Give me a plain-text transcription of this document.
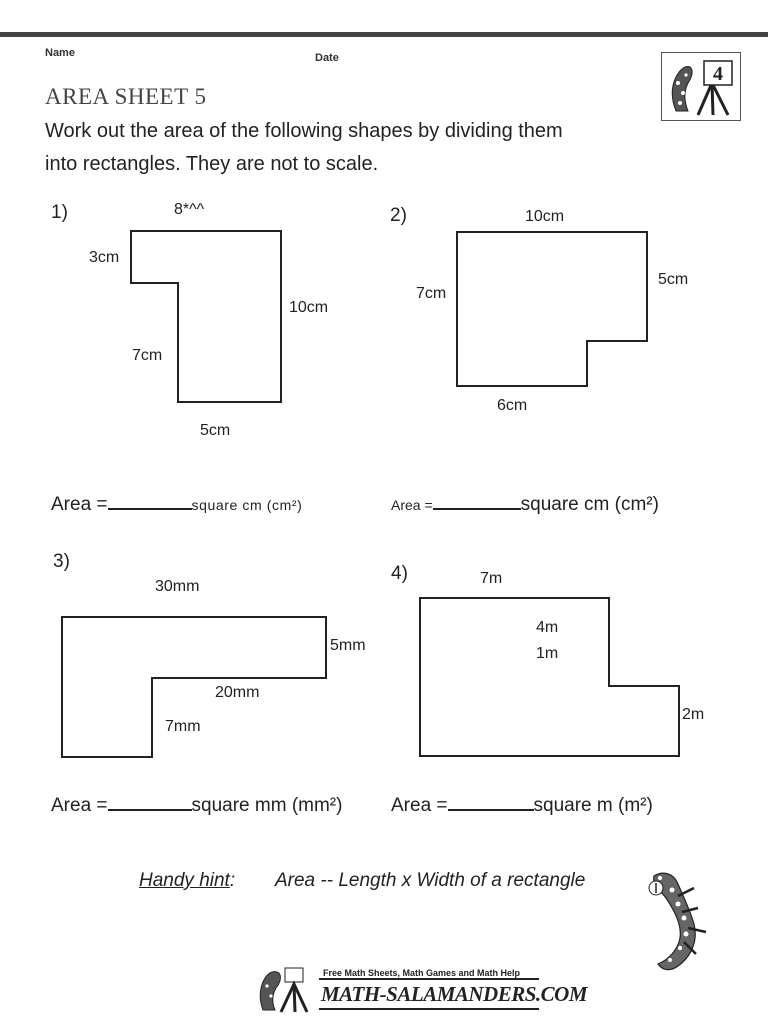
Name	Date
4
AREA SHEET 5
Work out the area of the following shapes by dividing them
into rectangles. They are not to scale.
1)	8*^^
3cm
10cm
7cm
5cm
2)	10cm
7cm
5cm
6cm
Area =	square cm (cm²)	Area =	square cm (cm²)
3)
30mm
5mm
20mm
7mm
4)	7m
4m
1m
2m
Area =	square mm (mm²)	Area =	square m (m²)
Handy hint: Area -- Length x Width of a rectangle
Free Math Sheets, Math Games and Math Help
MATH-SALAMANDERS.COM
